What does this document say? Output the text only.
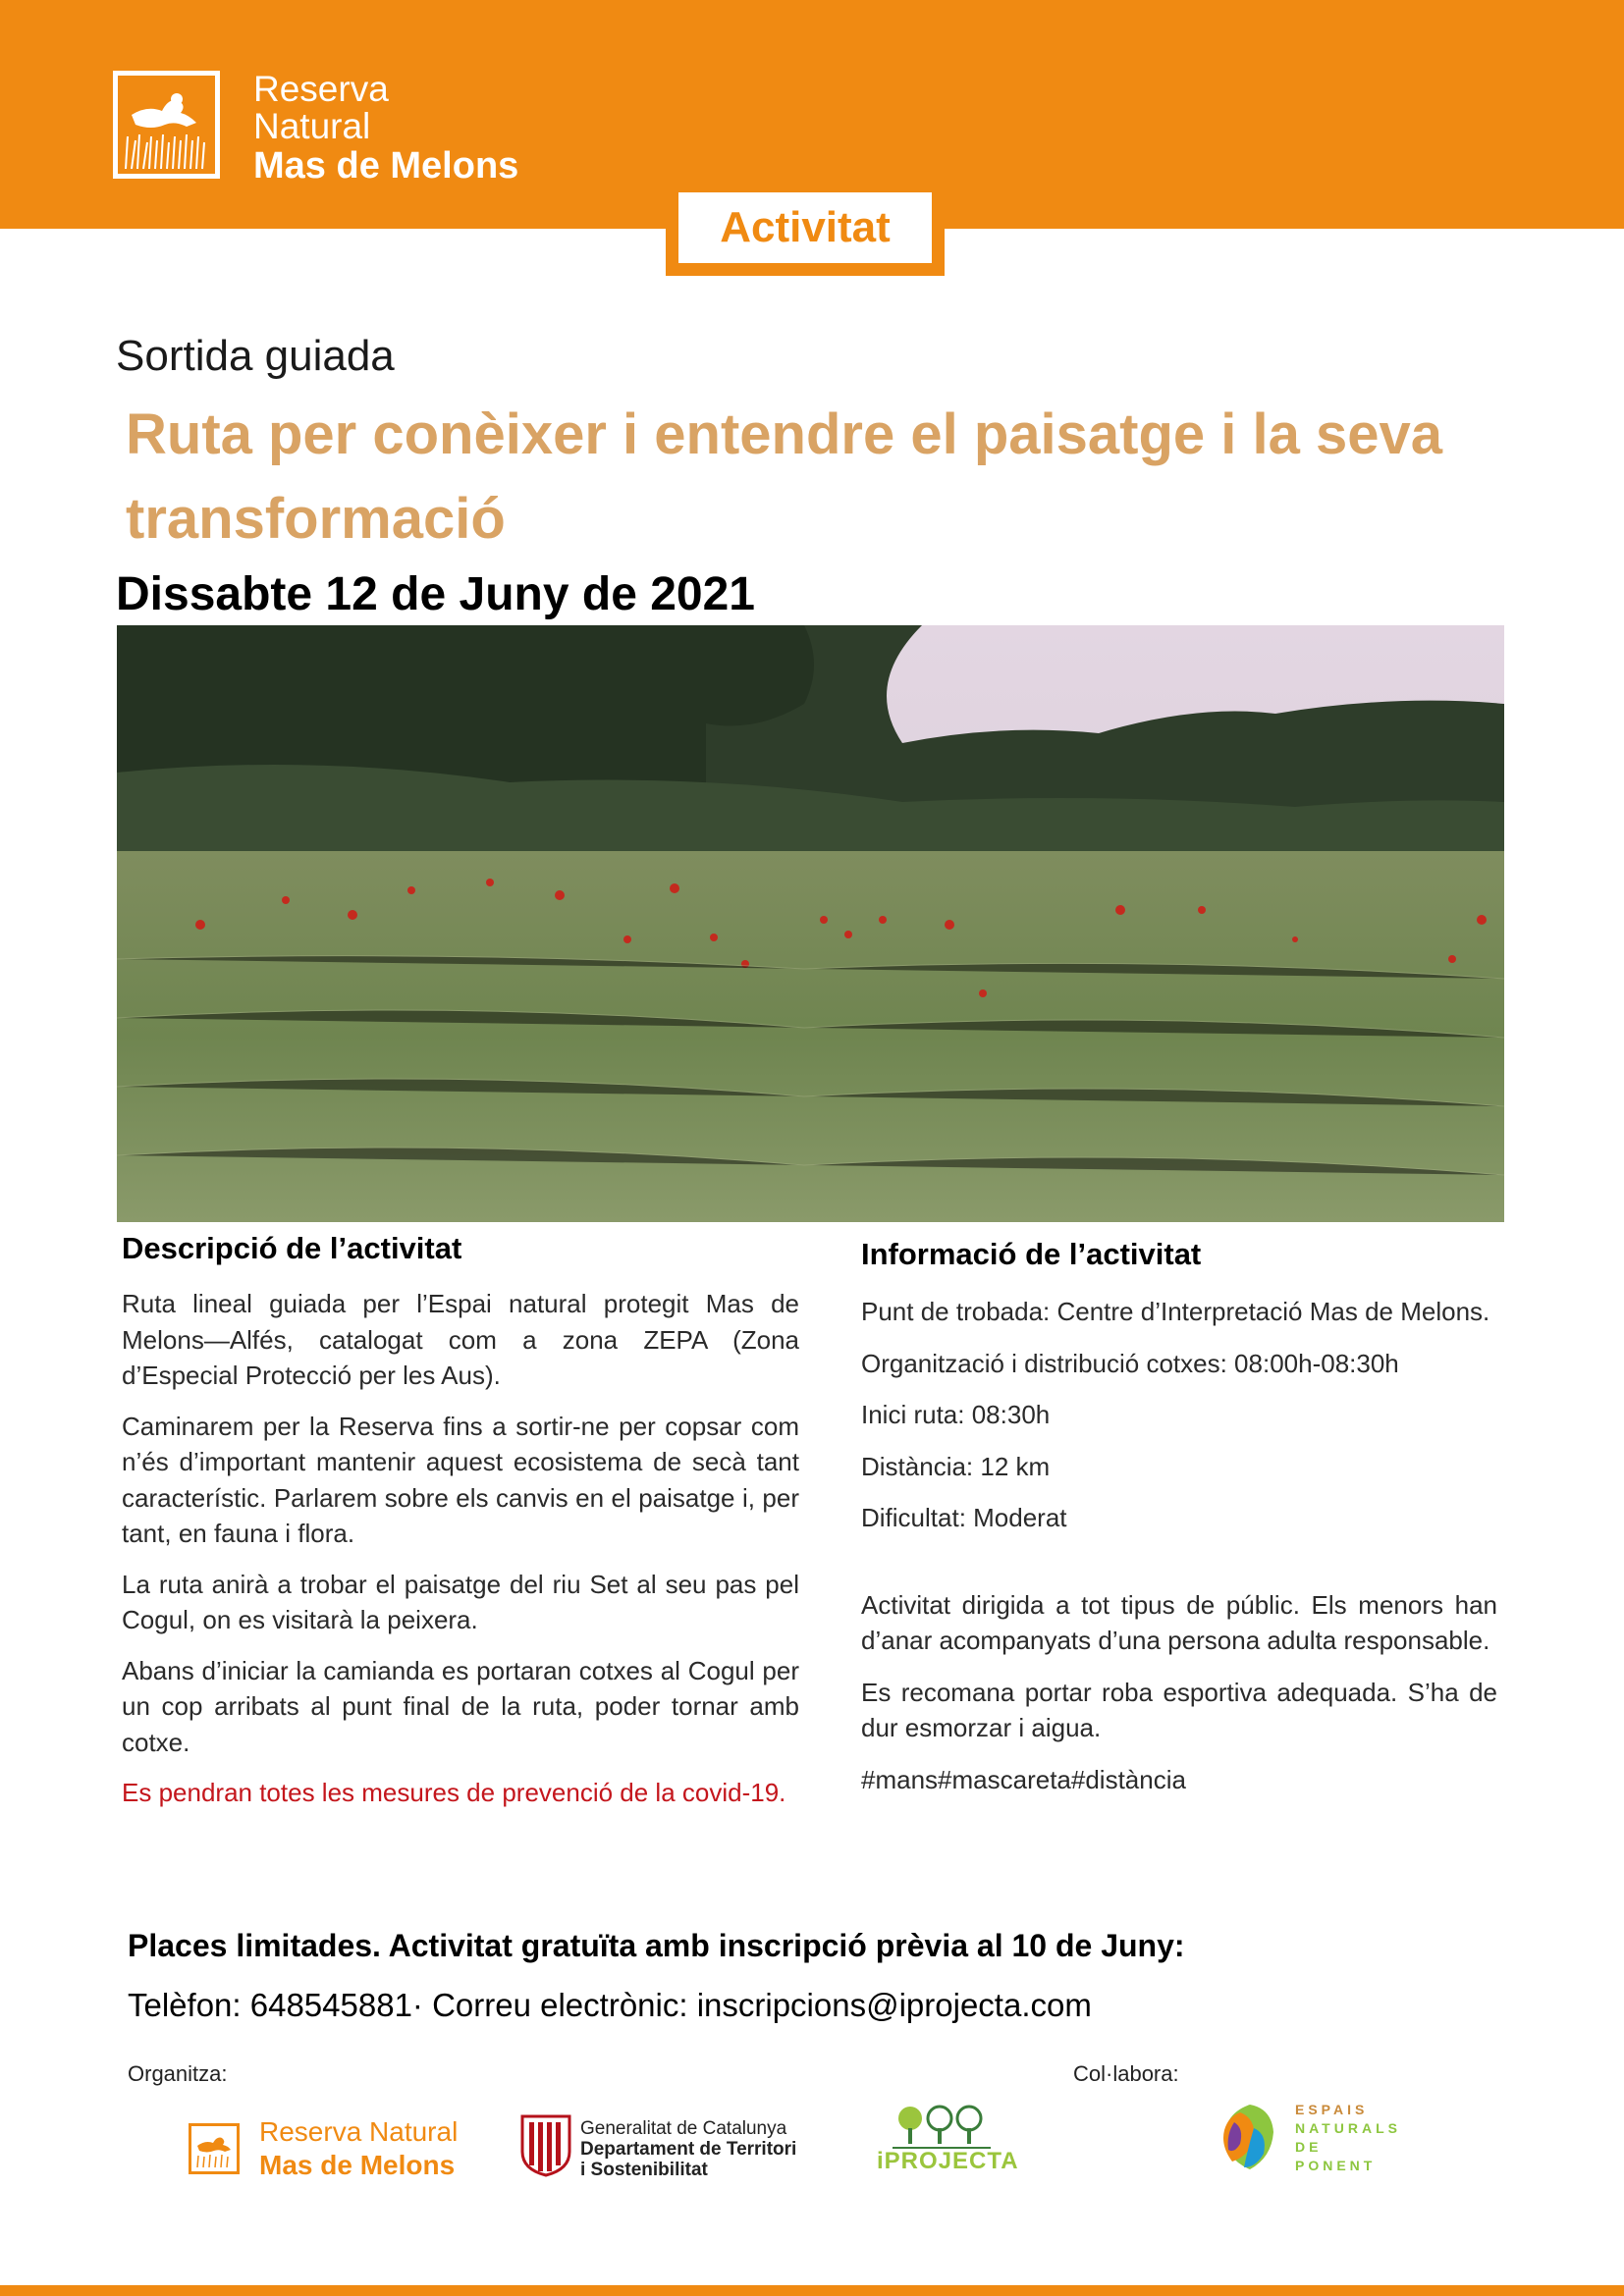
Reserva
Natural
Mas de Melons
Activitat
Sortida guiada
Ruta per conèixer i entendre el paisatge i la seva transformació
Dissabte 12 de Juny de 2021
Descripció de l’activitat

Ruta lineal guiada per l’Espai natural protegit Mas de Melons—Alfés, catalogat com a zona ZEPA (Zona d’Especial Protecció per les Aus).

Caminarem per la Reserva fins a sortir-ne per copsar com n’és d’important mantenir aquest ecosistema de secà tant característic. Parlarem sobre els canvis en el paisatge i, per tant, en fauna i flora.

La ruta anirà a trobar el paisatge del riu Set al seu pas pel Cogul, on es visitarà la peixera.

Abans d’iniciar la camianda es portaran cotxes al Cogul per un cop arribats al punt final de la ruta, poder tornar amb cotxe.

Es pendran totes les mesures de prevenció de la covid-19.

Informació de l’activitat

Punt de trobada: Centre d’Interpretació Mas de Melons.

Organització i distribució cotxes: 08:00h-08:30h

Inici ruta: 08:30h

Distància: 12 km

Dificultat: Moderat

Activitat dirigida a tot tipus de públic. Els menors han d’anar acompanyats d’una persona adulta responsable.

Es recomana portar roba esportiva adequada. S’ha de dur esmorzar i aigua.

#mans#mascareta#distància

Places limitades. Activitat gratuïta amb inscripció prèvia al 10 de Juny:
Telèfon: 648545881· Correu electrònic: inscripcions@iprojecta.com
Organitza:	Col·labora:
Reserva Natural
Mas de Melons
Generalitat de Catalunya
Departament de Territori
i Sostenibilitat	iPROJECTA
ESPAIS
NATURALS
DE PONENT
